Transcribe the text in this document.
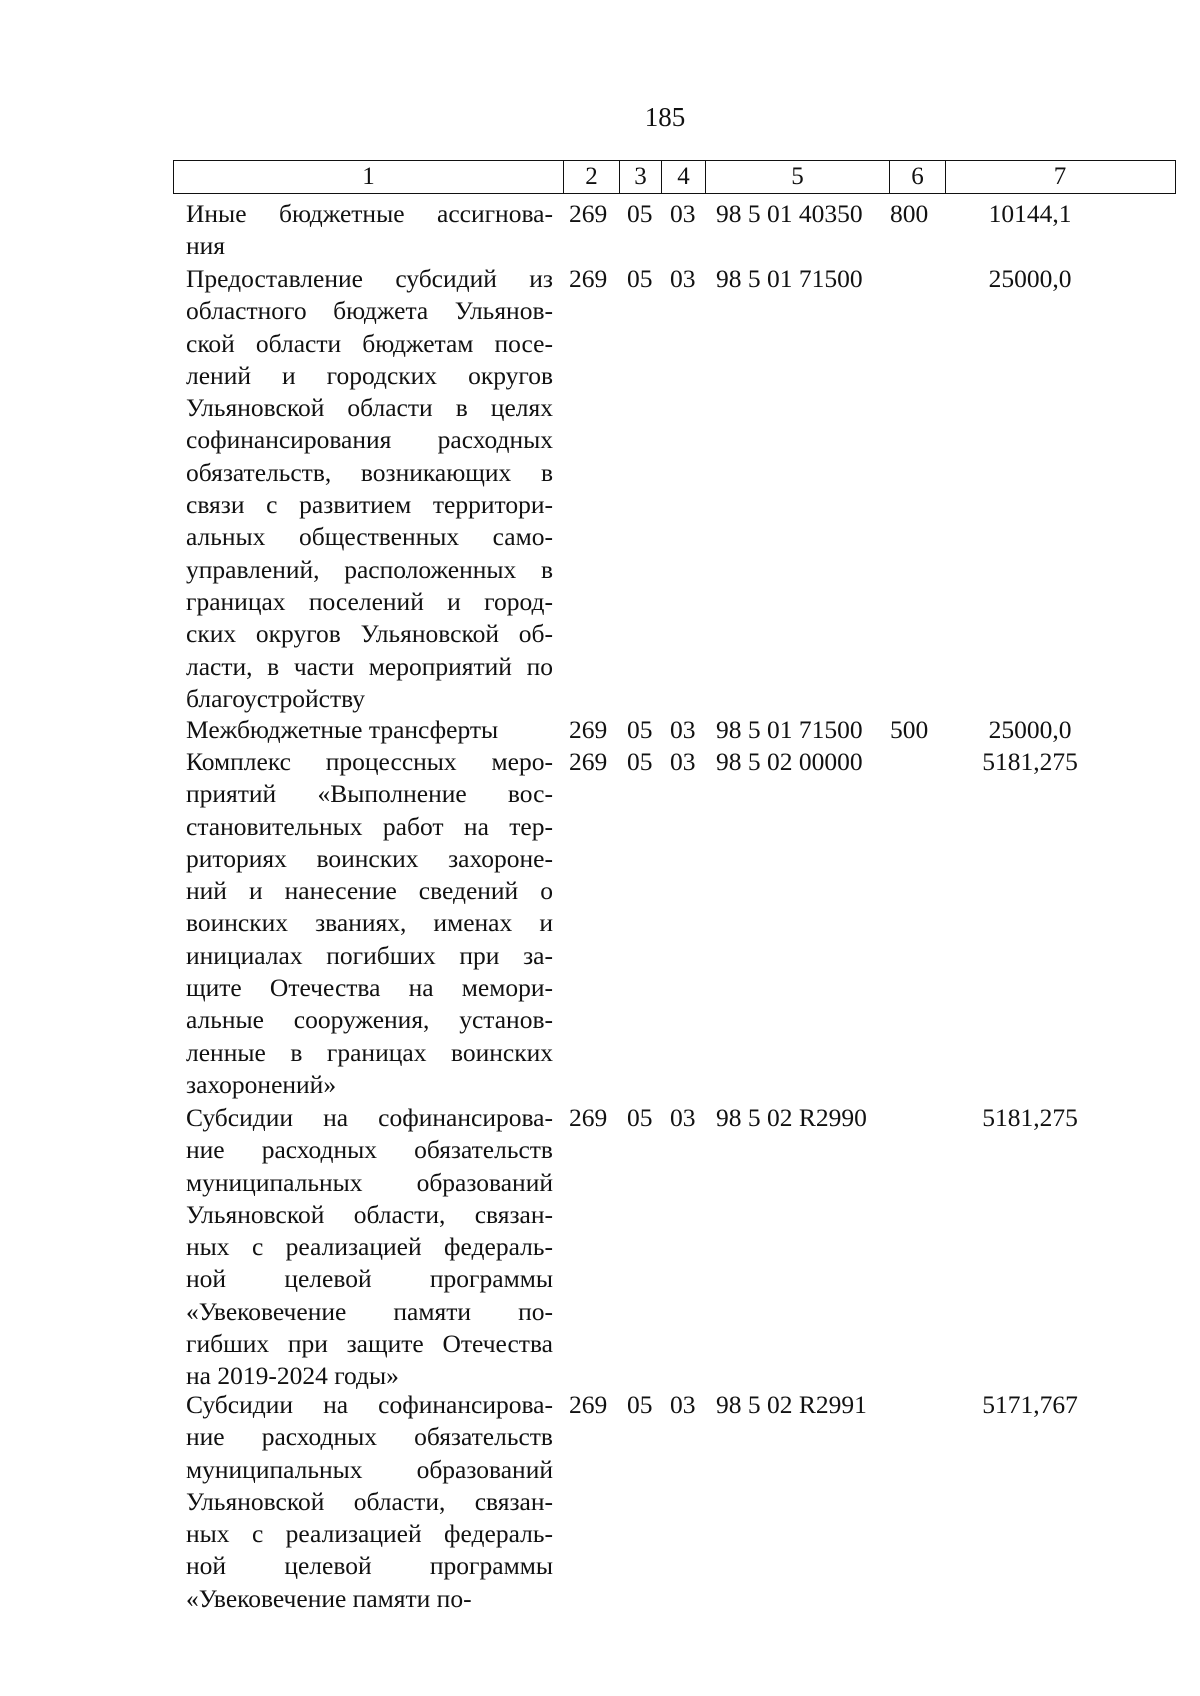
185
1	2	3	4	5	6	7
Иные бюджетные ассигнова-
ния
269 05 03 98 5 01 40350 800	10144,1
Предоставление субсидий из
областного бюджета Ульянов-
ской области бюджетам посе-
лений и городских округов
Ульяновской области в целях
софинансирования расходных
обязательств, возникающих в
связи с развитием территори-
альных общественных само-
управлений, расположенных в
границах поселений и город-
ских округов Ульяновской об-
ласти, в части мероприятий по
благоустройству
269 05 03 98 5 01 71500	25000,0
Межбюджетные трансферты	269 05 03 98 5 01 71500 500	25000,0
Комплекс процессных меро-
приятий «Выполнение вос-
становительных работ на тер-
риториях воинских захороне-
ний и нанесение сведений о
воинских званиях, именах и
инициалах погибших при за-
щите Отечества на мемори-
альные сооружения, установ-
ленные в границах воинских
захоронений»
269 05 03 98 5 02 00000	5181,275
Субсидии на софинансирова-
ние расходных обязательств
муниципальных образований
Ульяновской области, связан-
ных с реализацией федераль-
ной целевой программы
«Увековечение памяти по-
гибших при защите Отечества
на 2019-2024 годы»
269 05 03 98 5 02 R2990	5181,275
Субсидии на софинансирова-
ние расходных обязательств
муниципальных образований
Ульяновской области, связан-
ных с реализацией федераль-
ной целевой программы
«Увековечение памяти по-
269 05 03 98 5 02 R2991	5171,767
